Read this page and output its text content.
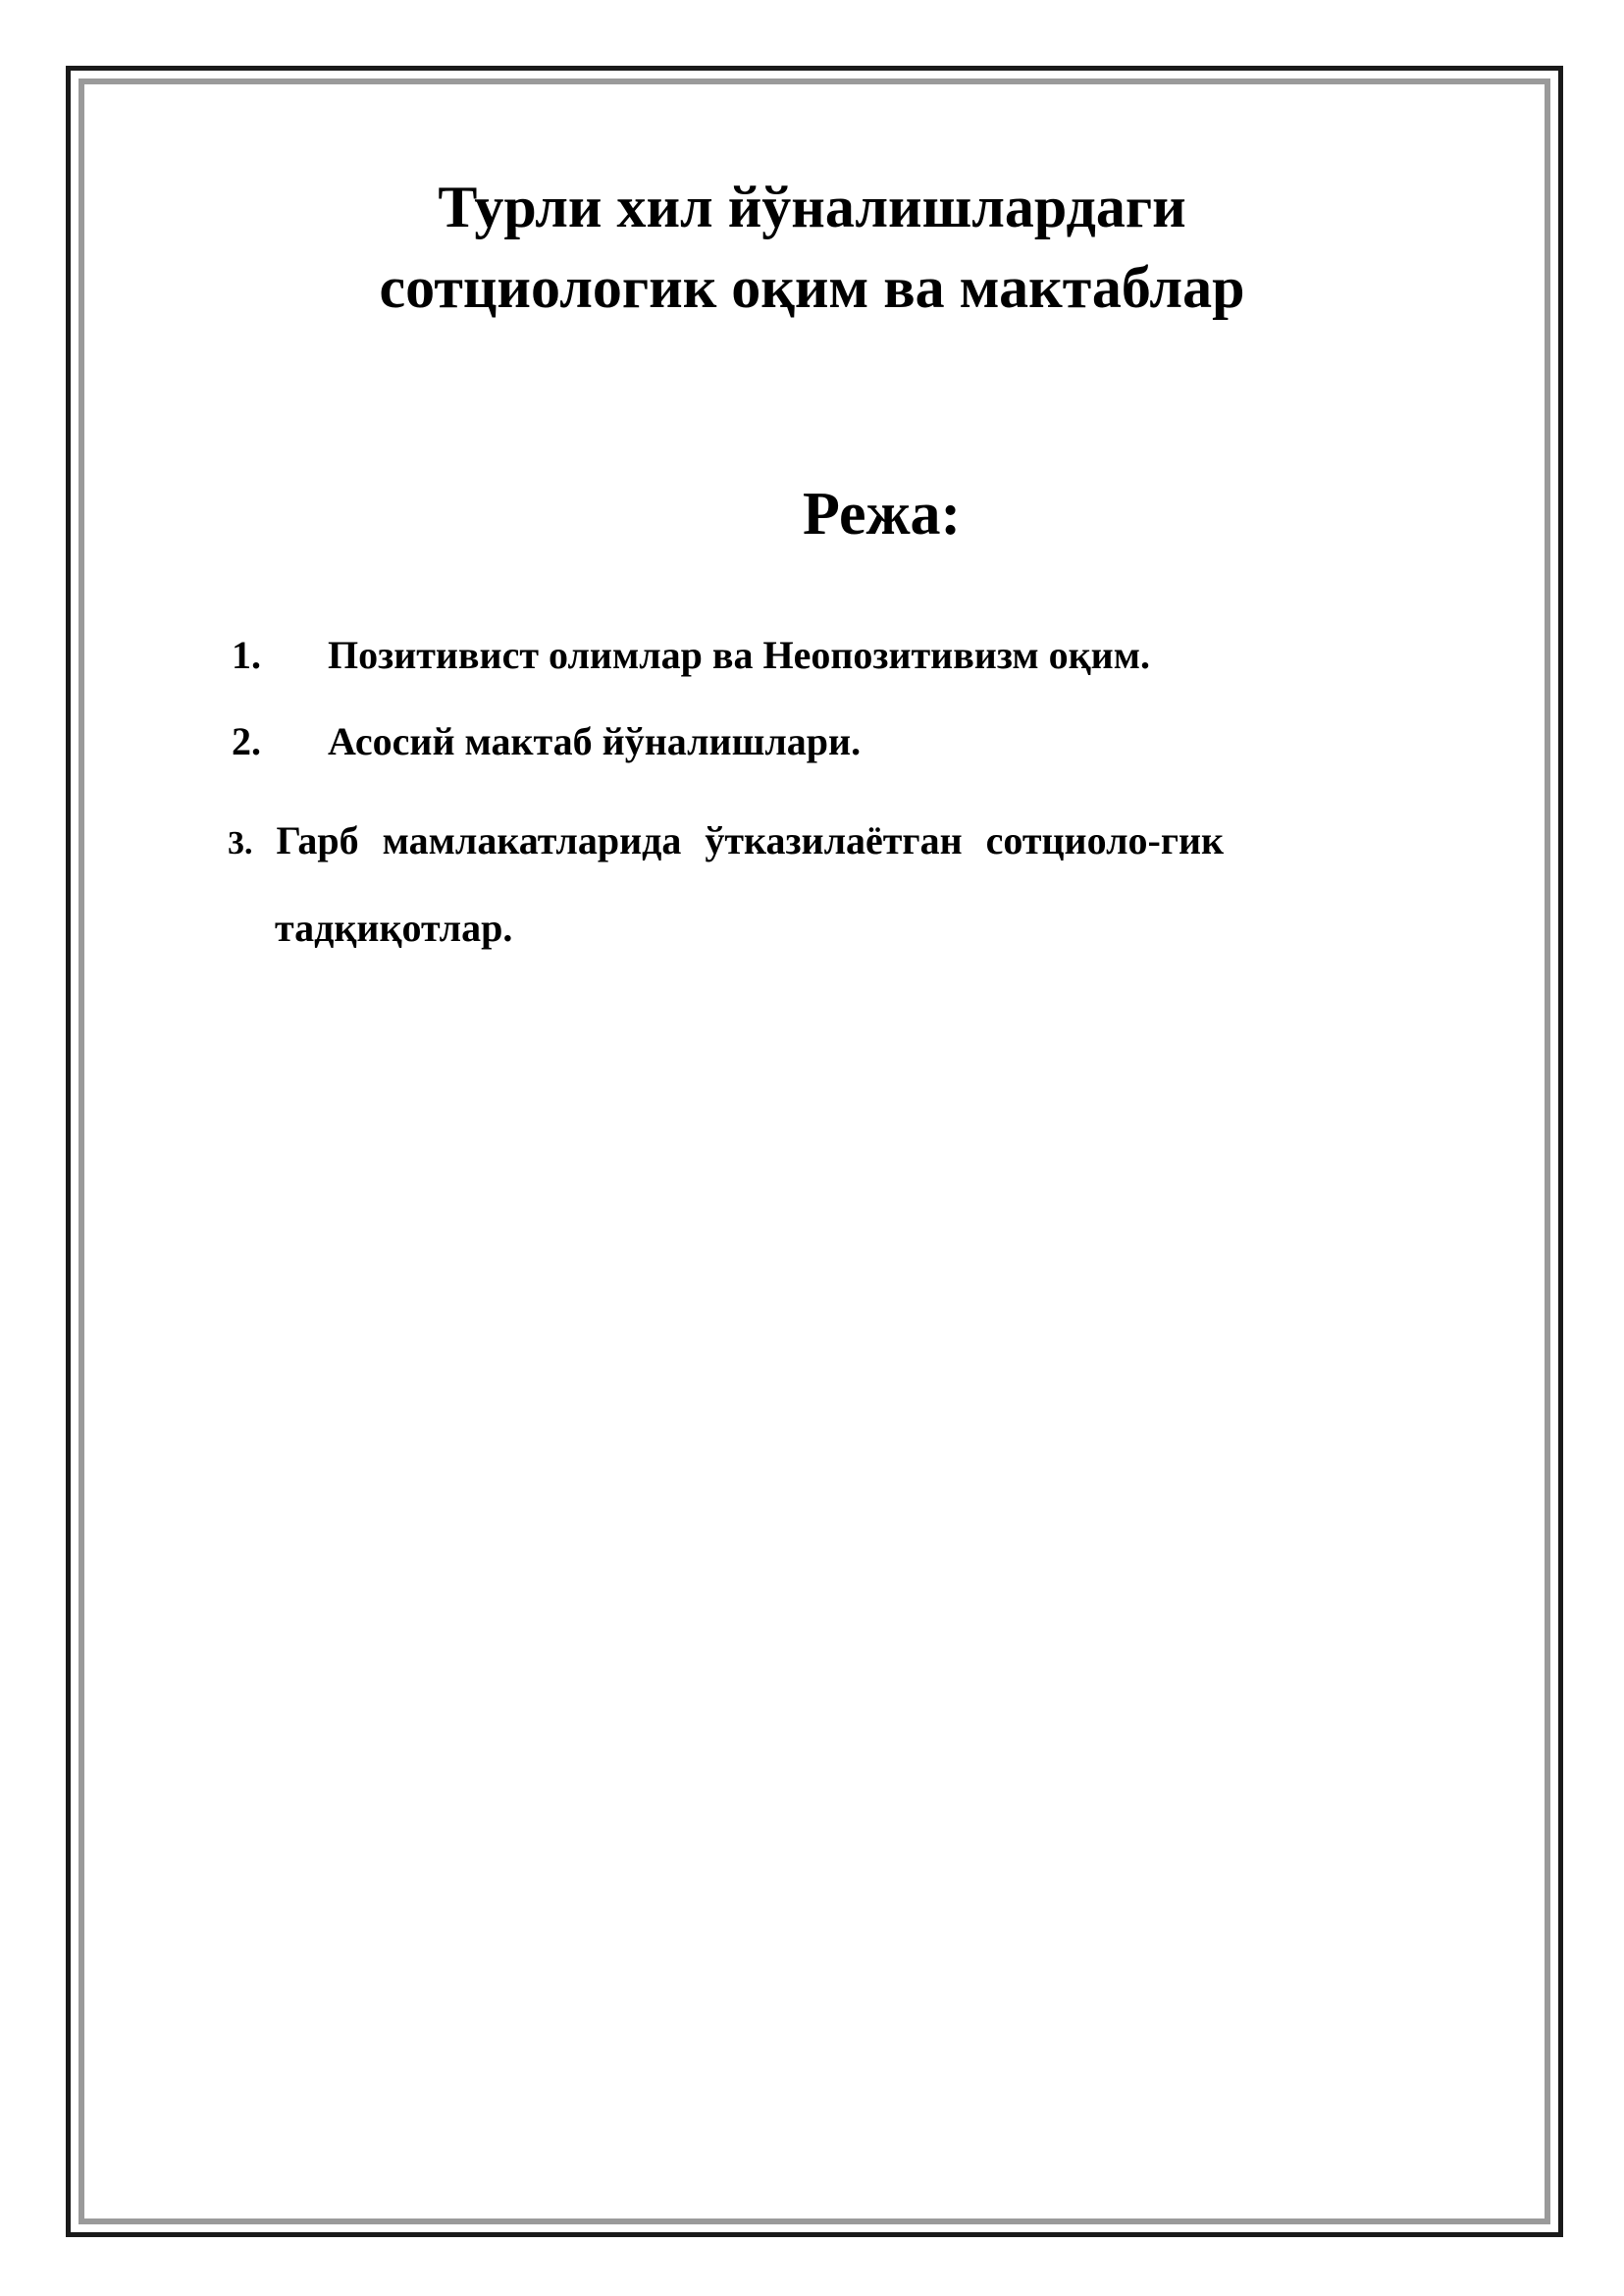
Турли хил йўналишлардаги
сотциологик оқим ва мактаблар
Режа:
1. Позитивист олимлар ва Неопозитивизм оқим.
2. Асосий мактаб йўналишлари.
3. Гарб мамлакатларида ўтказилаётган сотциоло-гик
тадқиқотлар.
